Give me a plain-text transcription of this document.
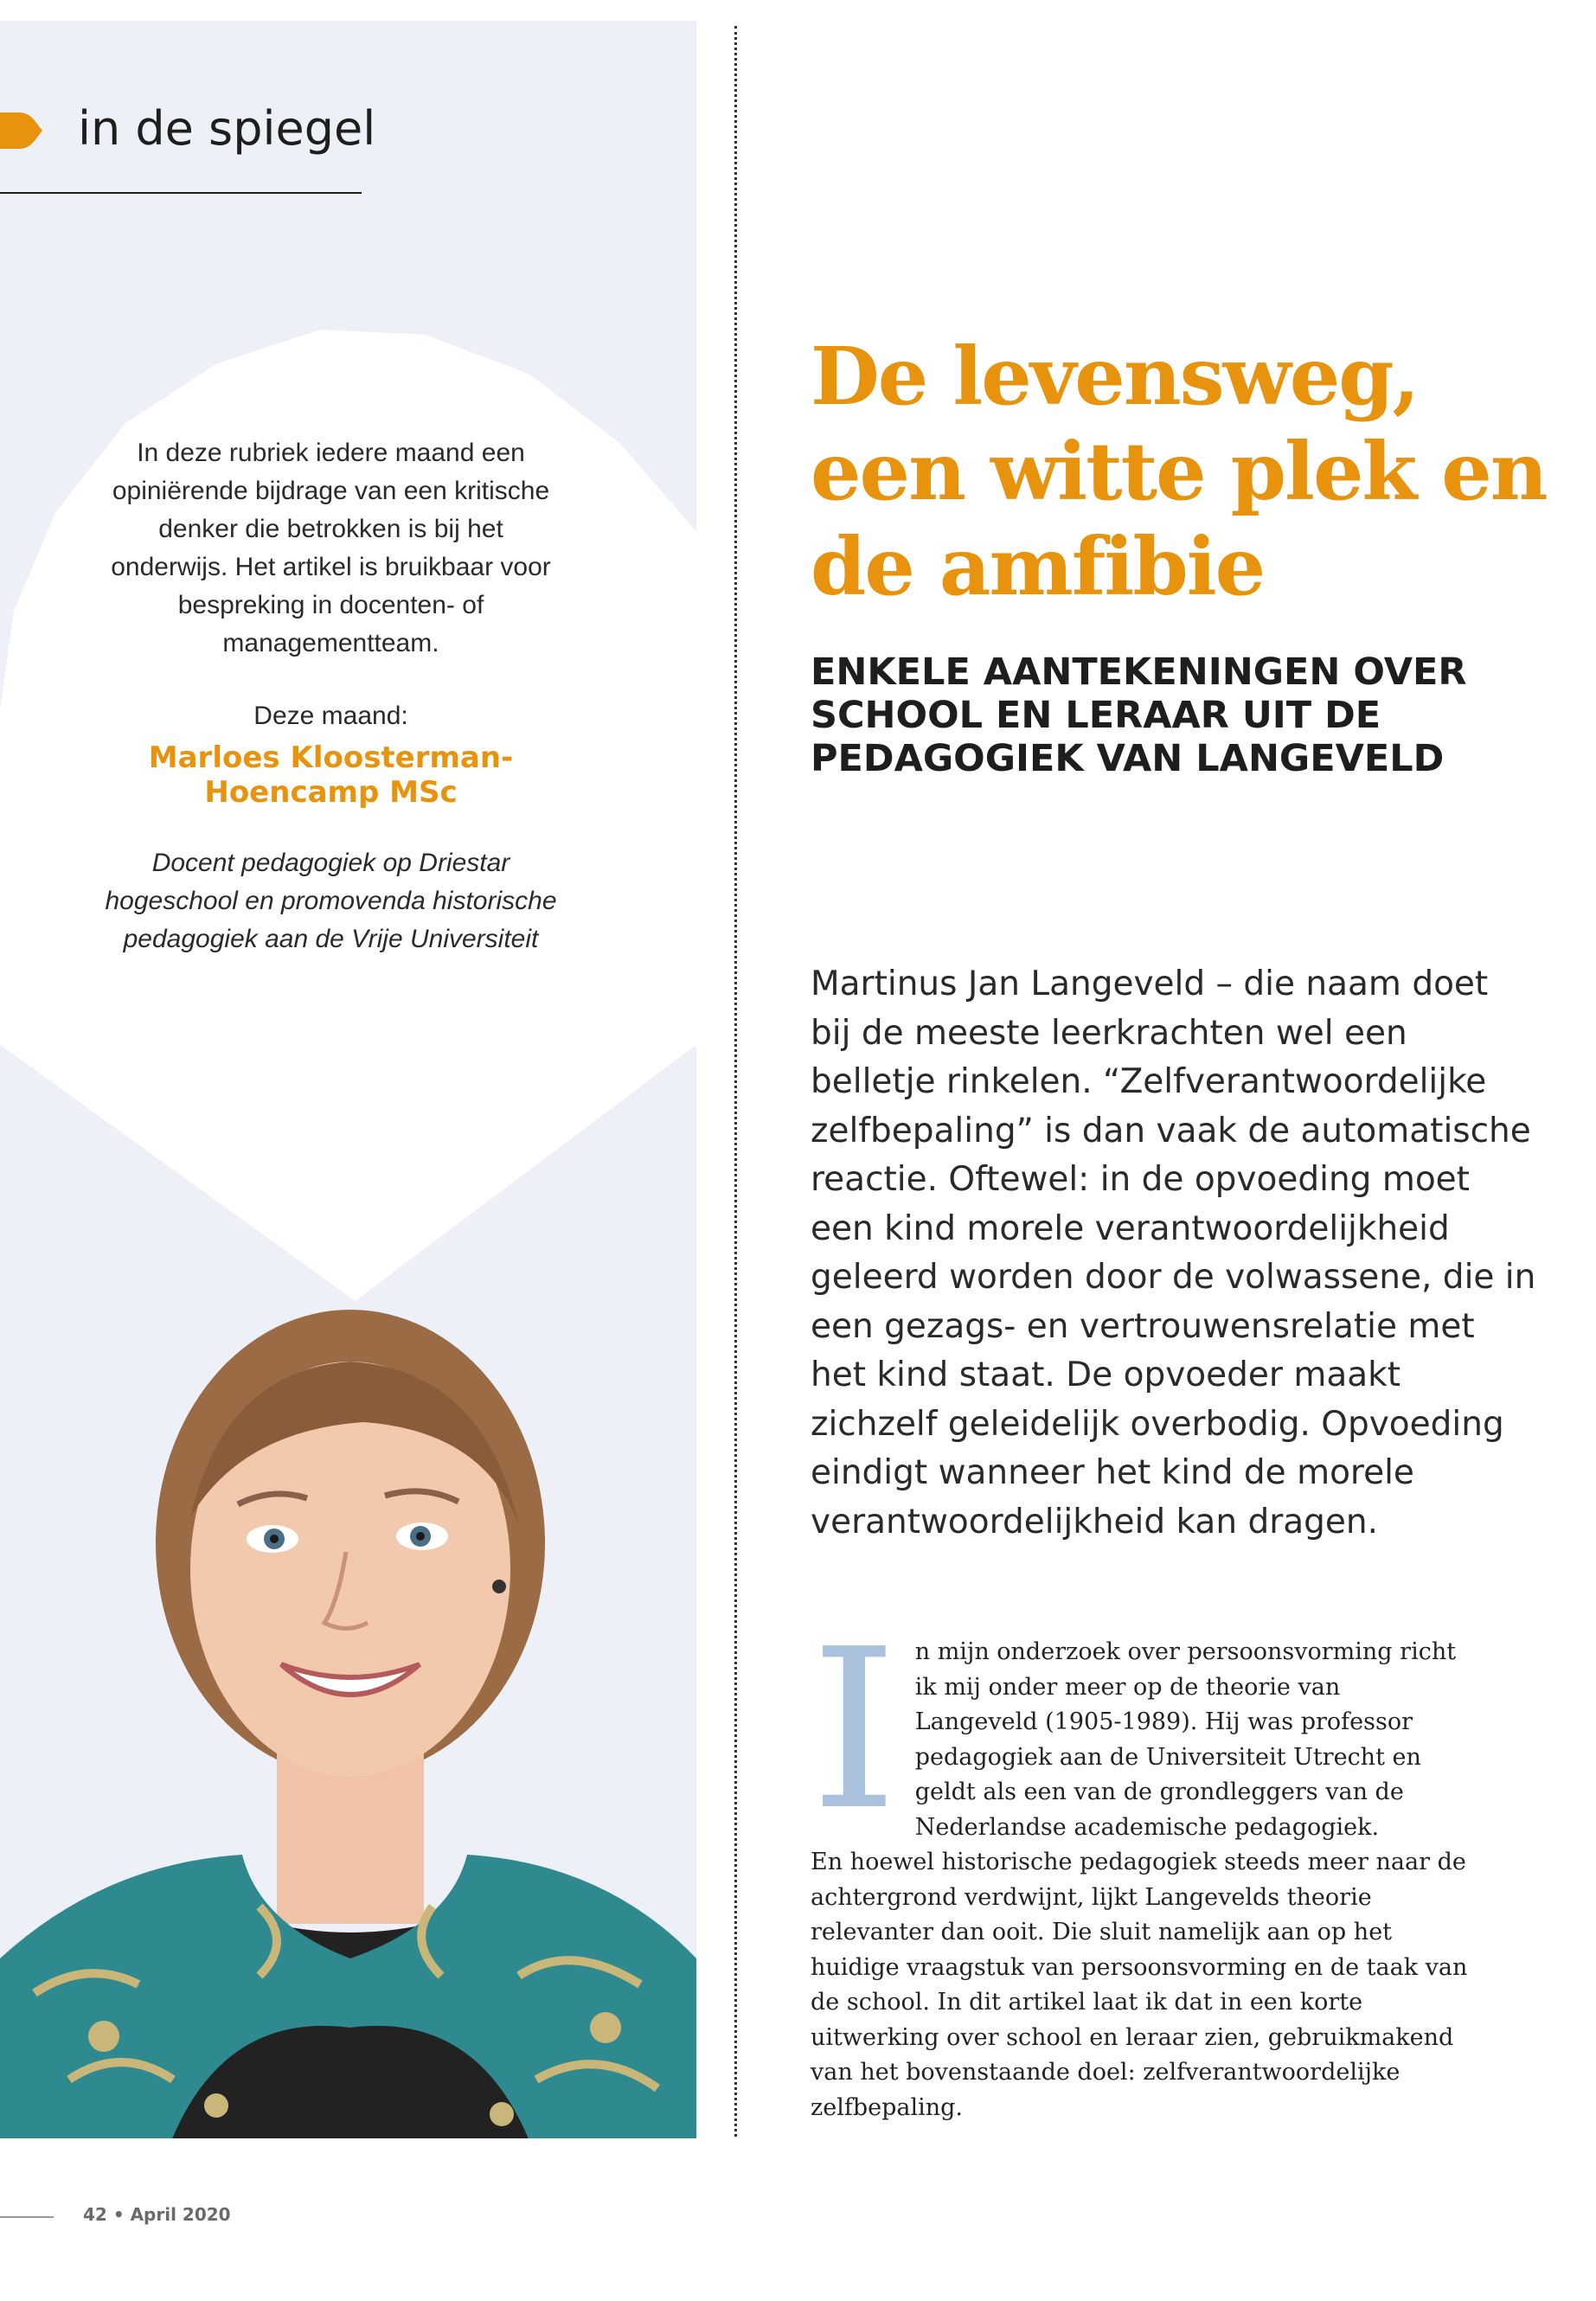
in de spiegel

In deze rubriek iedere maand een opiniërende bijdrage van een kritische denker die betrokken is bij het onderwijs. Het artikel is bruikbaar voor bespreking in docenten- of managementteam.

Deze maand:

Marloes Kloosterman-Hoencamp MSc

Docent pedagogiek op Driestar hogeschool en promovenda historische pedagogiek aan de Vrije Universiteit

De levensweg, een witte plek en de amfibie
ENKELE AANTEKENINGEN OVER SCHOOL EN LERAAR UIT DE PEDAGOGIEK VAN LANGEVELD

Martinus Jan Langeveld – die naam doet bij de meeste leerkrachten wel een belletje rinkelen. “Zelfverantwoordelijke zelfbepaling” is dan vaak de automatische reactie. Oftewel: in de opvoeding moet een kind morele verantwoordelijkheid geleerd worden door de volwassene, die in een gezags- en vertrouwensrelatie met het kind staat. De opvoeder maakt zichzelf geleidelijk overbodig. Opvoeding eindigt wanneer het kind de morele verantwoordelijkheid kan dragen.

I n mijn onderzoek over persoonsvorming richt ik mij onder meer op de theorie van Langeveld (1905-1989). Hij was professor pedagogiek aan de Universiteit Utrecht en geldt als een van de grondleggers van de Nederlandse academische pedagogiek.

En hoewel historische pedagogiek steeds meer naar de achtergrond verdwijnt, lijkt Langevelds theorie relevanter dan ooit. Die sluit namelijk aan op het huidige vraagstuk van persoonsvorming en de taak van de school. In dit artikel laat ik dat in een korte uitwerking over school en leraar zien, gebruikmakend van het bovenstaande doel: zelfverantwoordelijke zelfbepaling.

42 • April 2020
